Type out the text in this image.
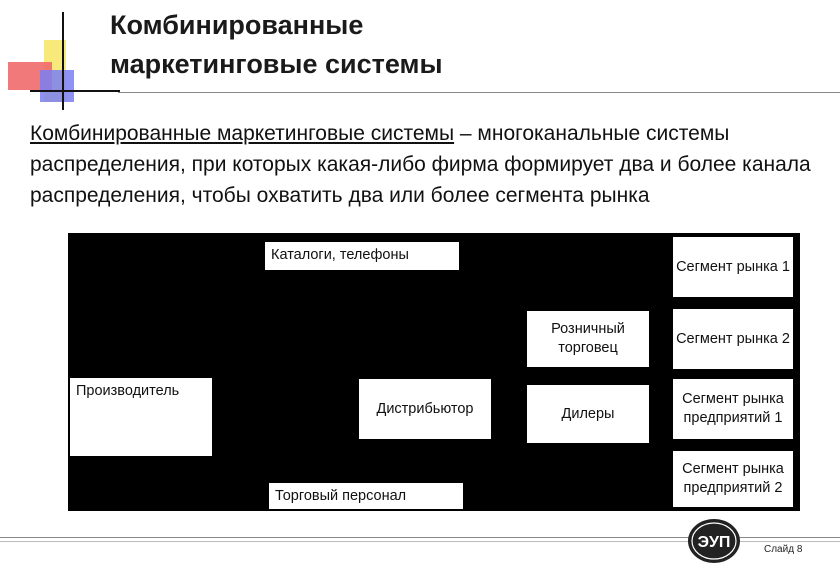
Комбинированные
маркетинговые системы
Комбинированные маркетинговые системы – многоканальные системы распределения, при которых какая-либо фирма формирует два и более канала распределения, чтобы охватить два или более сегмента рынка
Каталоги, телефоны
Производитель
Дистрибьютор
Розничный торговец
Дилеры
Торговый персонал
Сегмент рынка 1
Сегмент рынка 2
Сегмент рынка предприятий 1
Сегмент рынка предприятий 2
ЭУП	Слайд 8
